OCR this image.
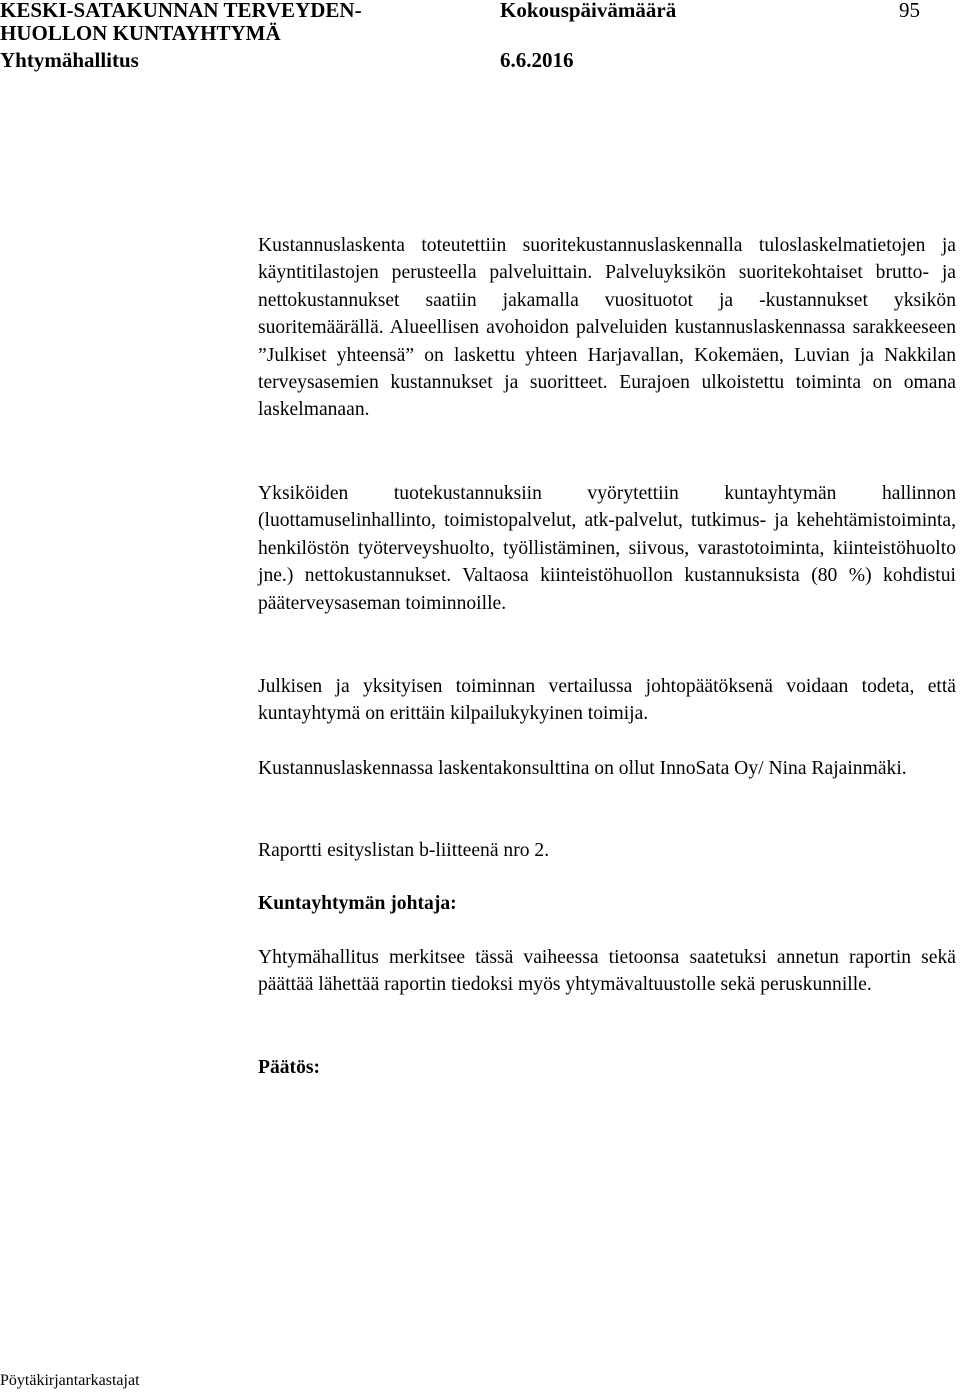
KESKI-SATAKUNNAN TERVEYDEN-
HUOLLON KUNTAYHTYMÄ
Yhtymähallitus
Kokouspäivämäärä
6.6.2016
95

Kustannuslaskenta toteutettiin suoritekustannuslaskennalla tuloslaskelmatietojen ja käyntitilastojen perusteella palveluittain. Palveluyksikön suoritekohtaiset brutto- ja nettokustannukset saatiin jakamalla vuosituotot ja -kustannukset yksikön suoritemäärällä. Alueellisen avohoidon palveluiden kustannuslaskennassa sarakkeeseen ”Julkiset yhteensä” on laskettu yhteen Harjavallan, Kokemäen, Luvian ja Nakkilan terveysasemien kustannukset ja suoritteet. Eurajoen ulkoistettu toiminta on omana laskelmanaan.

Yksiköiden tuotekustannuksiin vyörytettiin kuntayhtymän hallinnon (luottamuselinhallinto, toimistopalvelut, atk-palvelut, tutkimus- ja kehehtämistoiminta, henkilöstön työterveyshuolto, työllistäminen, siivous, varastotoiminta, kiinteistöhuolto jne.) nettokustannukset. Valtaosa kiinteistöhuollon kustannuksista (80 %) kohdistui pääterveysaseman toiminnoille.

Julkisen ja yksityisen toiminnan vertailussa johtopäätöksenä voidaan todeta, että kuntayhtymä on erittäin kilpailukykyinen toimija.

Kustannuslaskennassa laskentakonsulttina on ollut InnoSata Oy/ Nina Rajainmäki.

Raportti esityslistan b-liitteenä nro 2.

Kuntayhtymän johtaja:

Yhtymähallitus merkitsee tässä vaiheessa tietoonsa saatetuksi annetun raportin sekä päättää lähettää raportin tiedoksi myös yhtymävaltuustolle sekä peruskunnille.

Päätös:
Pöytäkirjantarkastajat
